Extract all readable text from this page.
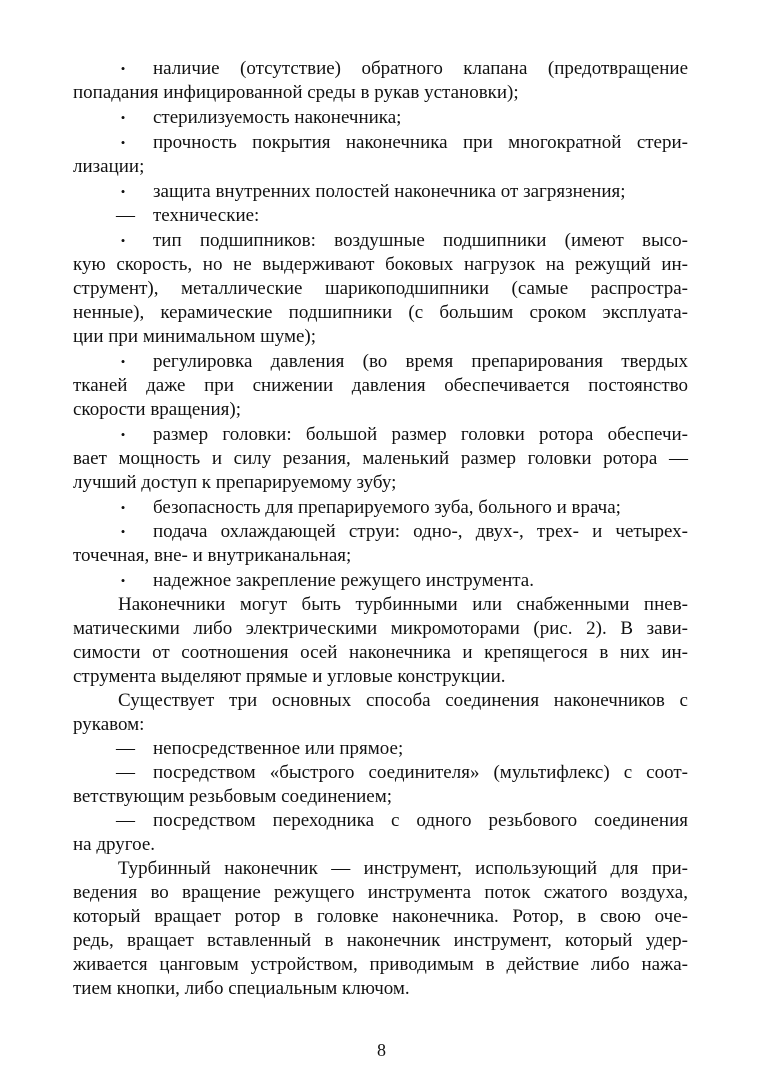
•	наличие (отсутствие) обратного клапана (предотвращение
попадания инфицированной среды в рукав установки);
•	стерилизуемость наконечника;
•	прочность покрытия наконечника при многократной стери-
лизации;
•	защита внутренних полостей наконечника от загрязнения;
— технические:
•	тип подшипников: воздушные подшипники (имеют высо-
кую скорость, но не выдерживают боковых нагрузок на режущий ин-
струмент), металлические шарикоподшипники (самые распростра-
ненные), керамические подшипники (с большим сроком эксплуата-
ции при минимальном шуме);
•	регулировка давления (во время препарирования твердых
тканей даже при снижении давления обеспечивается постоянство
скорости вращения);
•	размер головки: большой размер головки ротора обеспечи-
вает мощность и силу резания, маленький размер головки ротора —
лучший доступ к препарируемому зубу;
•	безопасность для препарируемого зуба, больного и врача;
•	подача охлаждающей струи: одно-, двух-, трех- и четырех-
точечная, вне- и внутриканальная;
•	надежное закрепление режущего инструмента.
Наконечники могут быть турбинными или снабженными пнев-
матическими либо электрическими микромоторами (рис. 2). В зави-
симости от соотношения осей наконечника и крепящегося в них ин-
струмента выделяют прямые и угловые конструкции.
Существует три основных способа соединения наконечников с
рукавом:
— непосредственное или прямое;
— посредством «быстрого соединителя» (мультифлекс) с соот-
ветствующим резьбовым соединением;
— посредством переходника с одного резьбового соединения
на другое.
Турбинный наконечник — инструмент, использующий для при-
ведения во вращение режущего инструмента поток сжатого воздуха,
который вращает ротор в головке наконечника. Ротор, в свою оче-
редь, вращает вставленный в наконечник инструмент, который удер-
живается цанговым устройством, приводимым в действие либо нажа-
тием кнопки, либо специальным ключом.
8
